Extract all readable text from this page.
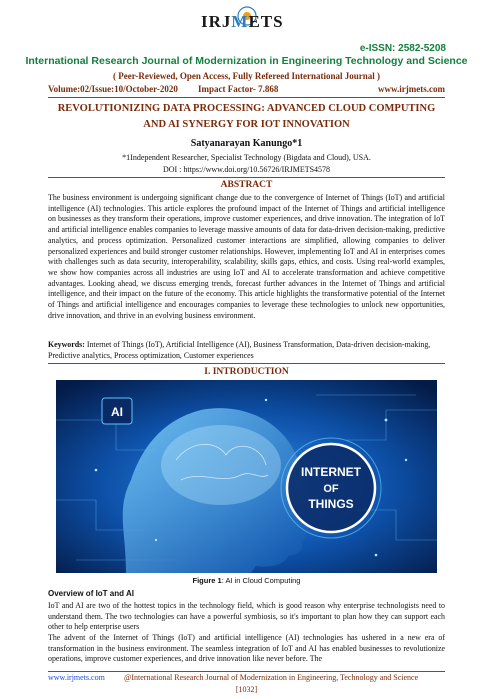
IRJMETS
e-ISSN: 2582-5208
International Research Journal of Modernization in Engineering Technology and Science
( Peer-Reviewed, Open Access, Fully Refereed International Journal )
Volume:02/Issue:10/October-2020 Impact Factor- 7.868	www.irjmets.com
REVOLUTIONIZING DATA PROCESSING: ADVANCED CLOUD COMPUTING
AND AI SYNERGY FOR IOT INNOVATION
Satyanarayan Kanungo*1
*1Independent Researcher, Specialist Technology (Bigdata and Cloud), USA.
DOI : https://www.doi.org/10.56726/IRJMETS4578
ABSTRACT
The business environment is undergoing significant change due to the convergence of Internet of Things (IoT) and artificial intelligence (AI) technologies. This article explores the profound impact of the Internet of Things and artificial intelligence on businesses as they transform their operations, improve customer experiences, and drive innovation. The integration of IoT and artificial intelligence enables companies to leverage massive amounts of data for data-driven decision-making, predictive analytics, and process optimization. Personalized customer interactions are simplified, allowing companies to deliver personalized experiences and build stronger customer relationships. However, implementing IoT and AI in enterprises comes with challenges such as data security, interoperability, scalability, skills gaps, ethics, and costs. Using real-world examples, we show how companies across all industries are using IoT and AI to accelerate transformation and achieve competitive advantages. Looking ahead, we discuss emerging trends, forecast further advances in the Internet of Things and artificial intelligence, and their impact on the future of the economy. This article highlights the transformative potential of the Internet of Things and artificial intelligence and encourages companies to leverage these technologies to unlock new opportunities, drive innovation, and thrive in an evolving business environment.
Keywords: Internet of Things (IoT), Artificial Intelligence (AI), Business Transformation, Data-driven decision-making, Predictive analytics, Process optimization, Customer experiences
I. INTRODUCTION
AI
INTERNET
OF
THINGS
Figure 1: AI in Cloud Computing
Overview of IoT and AI
IoT and AI are two of the hottest topics in the technology field, which is good reason why enterprise technologists need to understand them. The two technologies can have a powerful symbiosis, so it's important to plan how they can support each other to help enterprise users
The advent of the Internet of Things (IoT) and artificial intelligence (AI) technologies has ushered in a new era of transformation in the business environment. The seamless integration of IoT and AI has enabled businesses to revolutionize operations, improve customer experiences, and drive innovation like never before. The
www.irjmets.com @International Research Journal of Modernization in Engineering, Technology and Science
[1032]
